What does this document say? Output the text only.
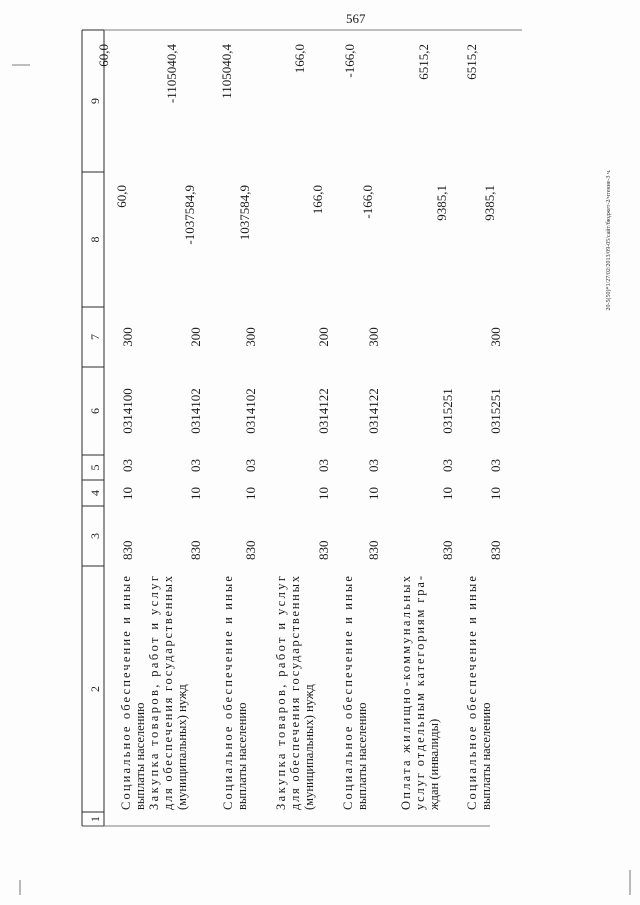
567
1
2
3
4
5
6
7
8
9
Социальное обеспечение и иные
выплаты населению
830
10
03
0314100
300
60,0
60,0
Закупка товаров, работ и услуг
для обеспечения государственных
(муниципальных) нужд
830
10
03
0314102
200
-1037584,9
-1105040,4
Социальное обеспечение и иные
выплаты населению
830
10
03
0314102
300
1037584,9
1105040,4
Закупка товаров, работ и услуг
для обеспечения государственных
(муниципальных) нужд
830
10
03
0314122
200
166,0
166,0
Социальное обеспечение и иные
выплаты населению
830
10
03
0314122
300
-166,0
-166,0
Оплата жилищно-коммунальных
услуг отдельным категориям гра-
ждан (инвалиды)
830
10
03
0315251
9385,1
6515,2
Социальное обеспечение и иные
выплаты населению
830
10
03
0315251
300
9385,1
6515,2
20-5(50)*1/27/02/2013/09-05/сайт/бюджет-2/чтение-3 ч.
